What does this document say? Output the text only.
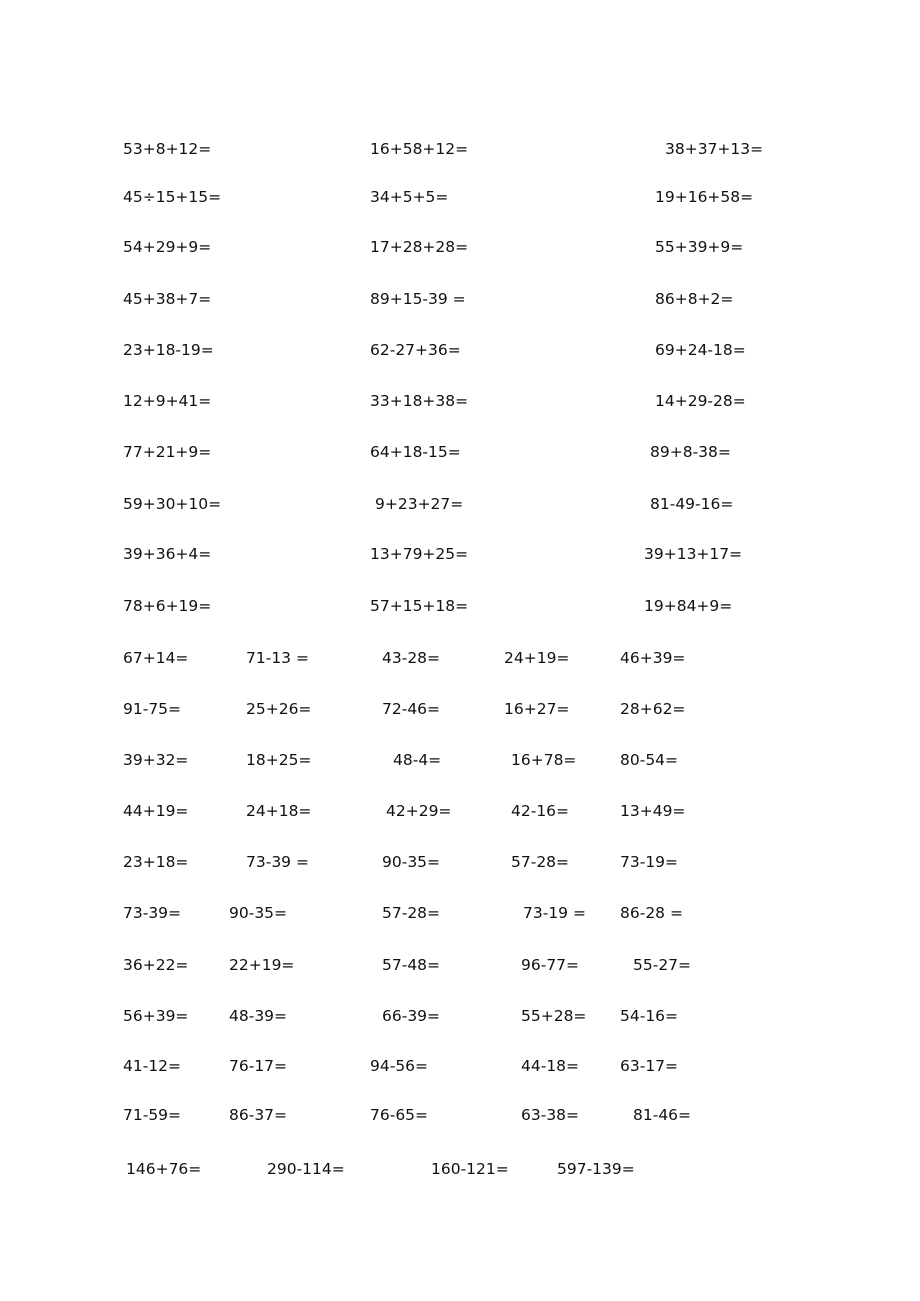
53+8+12=	16+58+12=	38+37+13=
45÷15+15=	34+5+5=	19+16+58=
54+29+9=	17+28+28=	55+39+9=
45+38+7=	89+15-39 =	86+8+2=
23+18-19=	62-27+36=	69+24-18=
12+9+41=	33+18+38=	14+29-28=
77+21+9=	64+18-15=	89+8-38=
59+30+10=	9+23+27=	81-49-16=
39+36+4=	13+79+25=	39+13+17=
78+6+19=	57+15+18=	19+84+9=
67+14=	71-13 =	43-28=	24+19=	46+39=
91-75=	25+26=	72-46=	16+27=	28+62=
39+32=	18+25=	48-4=	16+78=	80-54=
44+19=	24+18=	42+29=	42-16=	13+49=
23+18=	73-39 =	90-35=	57-28=	73-19=
73-39=	90-35=	57-28=	73-19 = 86-28 =
36+22=	22+19=	57-48=	96-77=	55-27=
56+39=	48-39=	66-39=	55+28= 54-16=
41-12=	76-17=	94-56=	44-18=	63-17=
71-59=	86-37=	76-65=	63-38=	81-46=
146+76=	290-114=	160-121=	597-139=
